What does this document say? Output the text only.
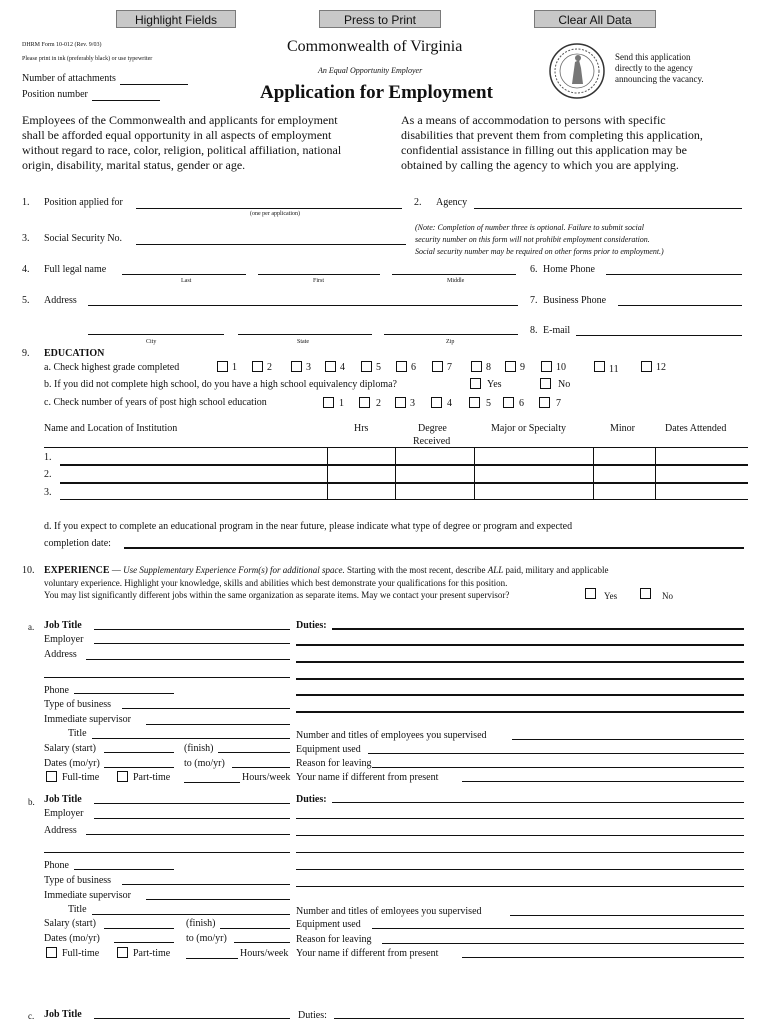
Highlight Fields	Press to Print	Clear All Data
DHRM Form 10-012 (Rev. 9/03)
Please print in ink (preferably black) or use typewriter
Number of attachments
Position number
Commonwealth of Virginia
An Equal Opportunity Employer
Application for Employment
Send this application
directly to the agency
announcing the vacancy.
Employees of the Commonwealth and applicants for employment
shall be afforded equal opportunity in all aspects of employment
without regard to race, color, religion, political affiliation, national
origin, disability, marital status, gender or age.
As a means of accommodation to persons with specific
disabilities that prevent them from completing this application,
confidential assistance in filling out this application may be
obtained by calling the agency to which you are applying.
1. Position applied for
(one per application)
2. Agency
3. Social Security No.
(Note: Completion of number three is optional. Failure to submit social
security number on this form will not prohibit employment consideration.
Social security number may be required on other forms prior to employment.)
4. Full legal name
Last	First	Middle
6. Home Phone
5. Address	7. Business Phone
City	State	Zip
8. E-mail
9. EDUCATION
a. Check highest grade completed	1	2	3	4	5	6	7	8	9	10	11	12
b. If you did not complete high school, do you have a high school equivalency diploma?	Yes	No
c. Check number of years of post high school education	1	2	3	4	5	6	7
Name and Location of Institution	Hrs	Degree
Received
Major or Specialty	Minor	Dates Attended
1.
2.
3.
d. If you expect to complete an educational program in the near future, please indicate what type of degree or program and expected
completion date:
10. EXPERIENCE — Use Supplementary Experience Form(s) for additional space. Starting with the most recent, describe ALL paid, military and applicable
voluntary experience. Highlight your knowledge, skills and abilities which best demonstrate your qualifications for this position.
You may list significantly different jobs within the same organization as separate items. May we contact your present supervisor?	Yes	No
a. Job Title	Duties:
Employer
Address
Phone
Type of business
Immediate supervisor
Title	Number and titles of employees you supervised
Salary (start)	(finish)	Equipment used
Dates (mo/yr)	to (mo/yr)	Reason for leaving
Full-time	Part-time	Hours/week Your name if different from present
b. Job Title	Duties:
Employer
Address
Phone
Type of business
Immediate supervisor
Title	Number and titles of emloyees you supervised
Salary (start)	(finish)	Equipment used
Dates (mo/yr)	to (mo/yr)	Reason for leaving
Full-time	Part-time	Hours/week Your name if different from present
c. Job Title	Duties:
